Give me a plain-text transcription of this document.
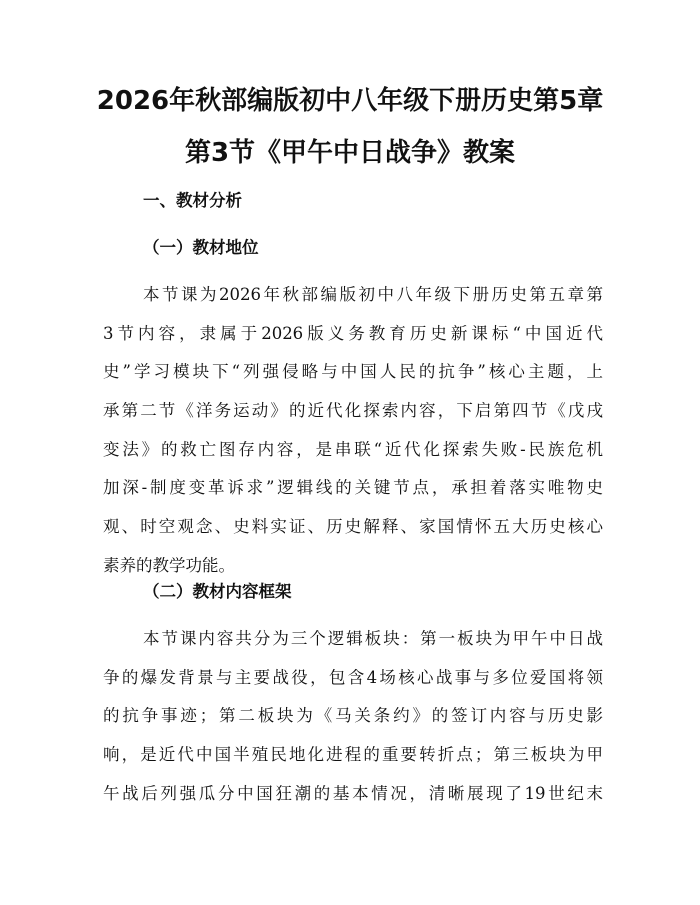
2026年秋部编版初中八年级下册历史第5章
第3节《甲午中日战争》教案
一、教材分析
（一）教材地位
本节课为2026年秋部编版初中八年级下册历史第五章第
3节内容，隶属于2026版义务教育历史新课标“中国近代
史”学习模块下“列强侵略与中国人民的抗争”核心主题，上
承第二节《洋务运动》的近代化探索内容，下启第四节《戊戌
变法》的救亡图存内容，是串联“近代化探索失败-民族危机
加深-制度变革诉求”逻辑线的关键节点，承担着落实唯物史
观、时空观念、史料实证、历史解释、家国情怀五大历史核心
素养的教学功能。
（二）教材内容框架
本节课内容共分为三个逻辑板块：第一板块为甲午中日战
争的爆发背景与主要战役，包含4场核心战事与多位爱国将领
的抗争事迹；第二板块为《马关条约》的签订内容与历史影
响，是近代中国半殖民地化进程的重要转折点；第三板块为甲
午战后列强瓜分中国狂潮的基本情况，清晰展现了19世纪末
